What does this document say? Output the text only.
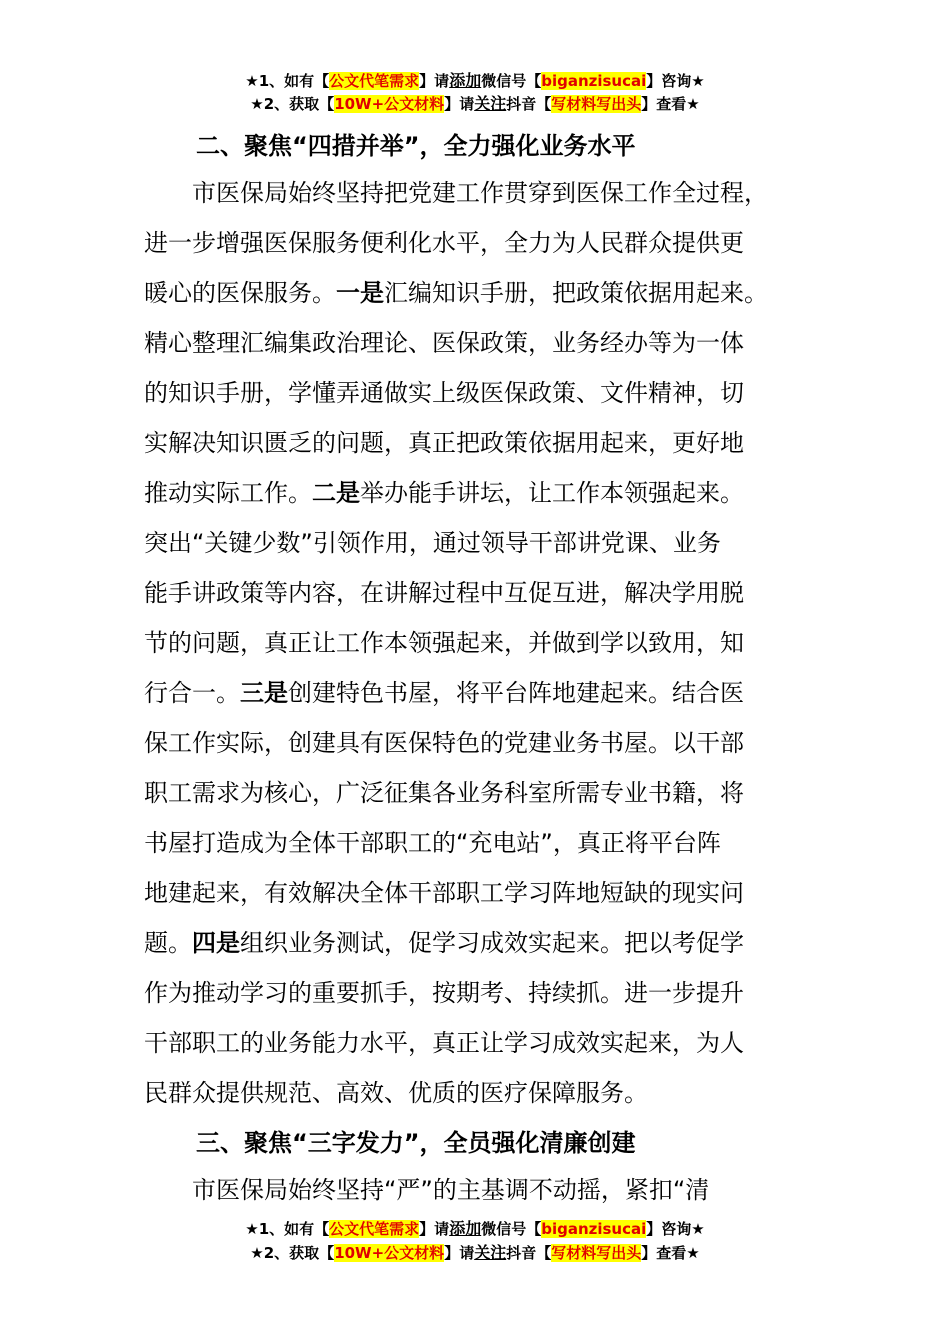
★1、如有【公文代笔需求】请添加微信号【biganzisucai】咨询★
★2、获取【10W+公文材料】请关注抖音【写材料写出头】查看★
二、聚焦“四措并举”，全力强化业务水平
　　市医保局始终坚持把党建工作贯穿到医保工作全过程，
进一步增强医保服务便利化水平，全力为人民群众提供更
暖心的医保服务。一是汇编知识手册，把政策依据用起来。
精心整理汇编集政治理论、医保政策，业务经办等为一体
的知识手册，学懂弄通做实上级医保政策、文件精神，切
实解决知识匮乏的问题，真正把政策依据用起来，更好地
推动实际工作。二是举办能手讲坛，让工作本领强起来。
突出“关键少数”引领作用，通过领导干部讲党课、业务
能手讲政策等内容，在讲解过程中互促互进，解决学用脱
节的问题，真正让工作本领强起来，并做到学以致用，知
行合一。三是创建特色书屋，将平台阵地建起来。结合医
保工作实际，创建具有医保特色的党建业务书屋。以干部
职工需求为核心，广泛征集各业务科室所需专业书籍，将
书屋打造成为全体干部职工的“充电站”，真正将平台阵
地建起来，有效解决全体干部职工学习阵地短缺的现实问
题。四是组织业务测试，促学习成效实起来。把以考促学
作为推动学习的重要抓手，按期考、持续抓。进一步提升
干部职工的业务能力水平，真正让学习成效实起来，为人
民群众提供规范、高效、优质的医疗保障服务。
三、聚焦“三字发力”，全员强化清廉创建
　　市医保局始终坚持“严”的主基调不动摇，紧扣“清
★1、如有【公文代笔需求】请添加微信号【biganzisucai】咨询★
★2、获取【10W+公文材料】请关注抖音【写材料写出头】查看★
